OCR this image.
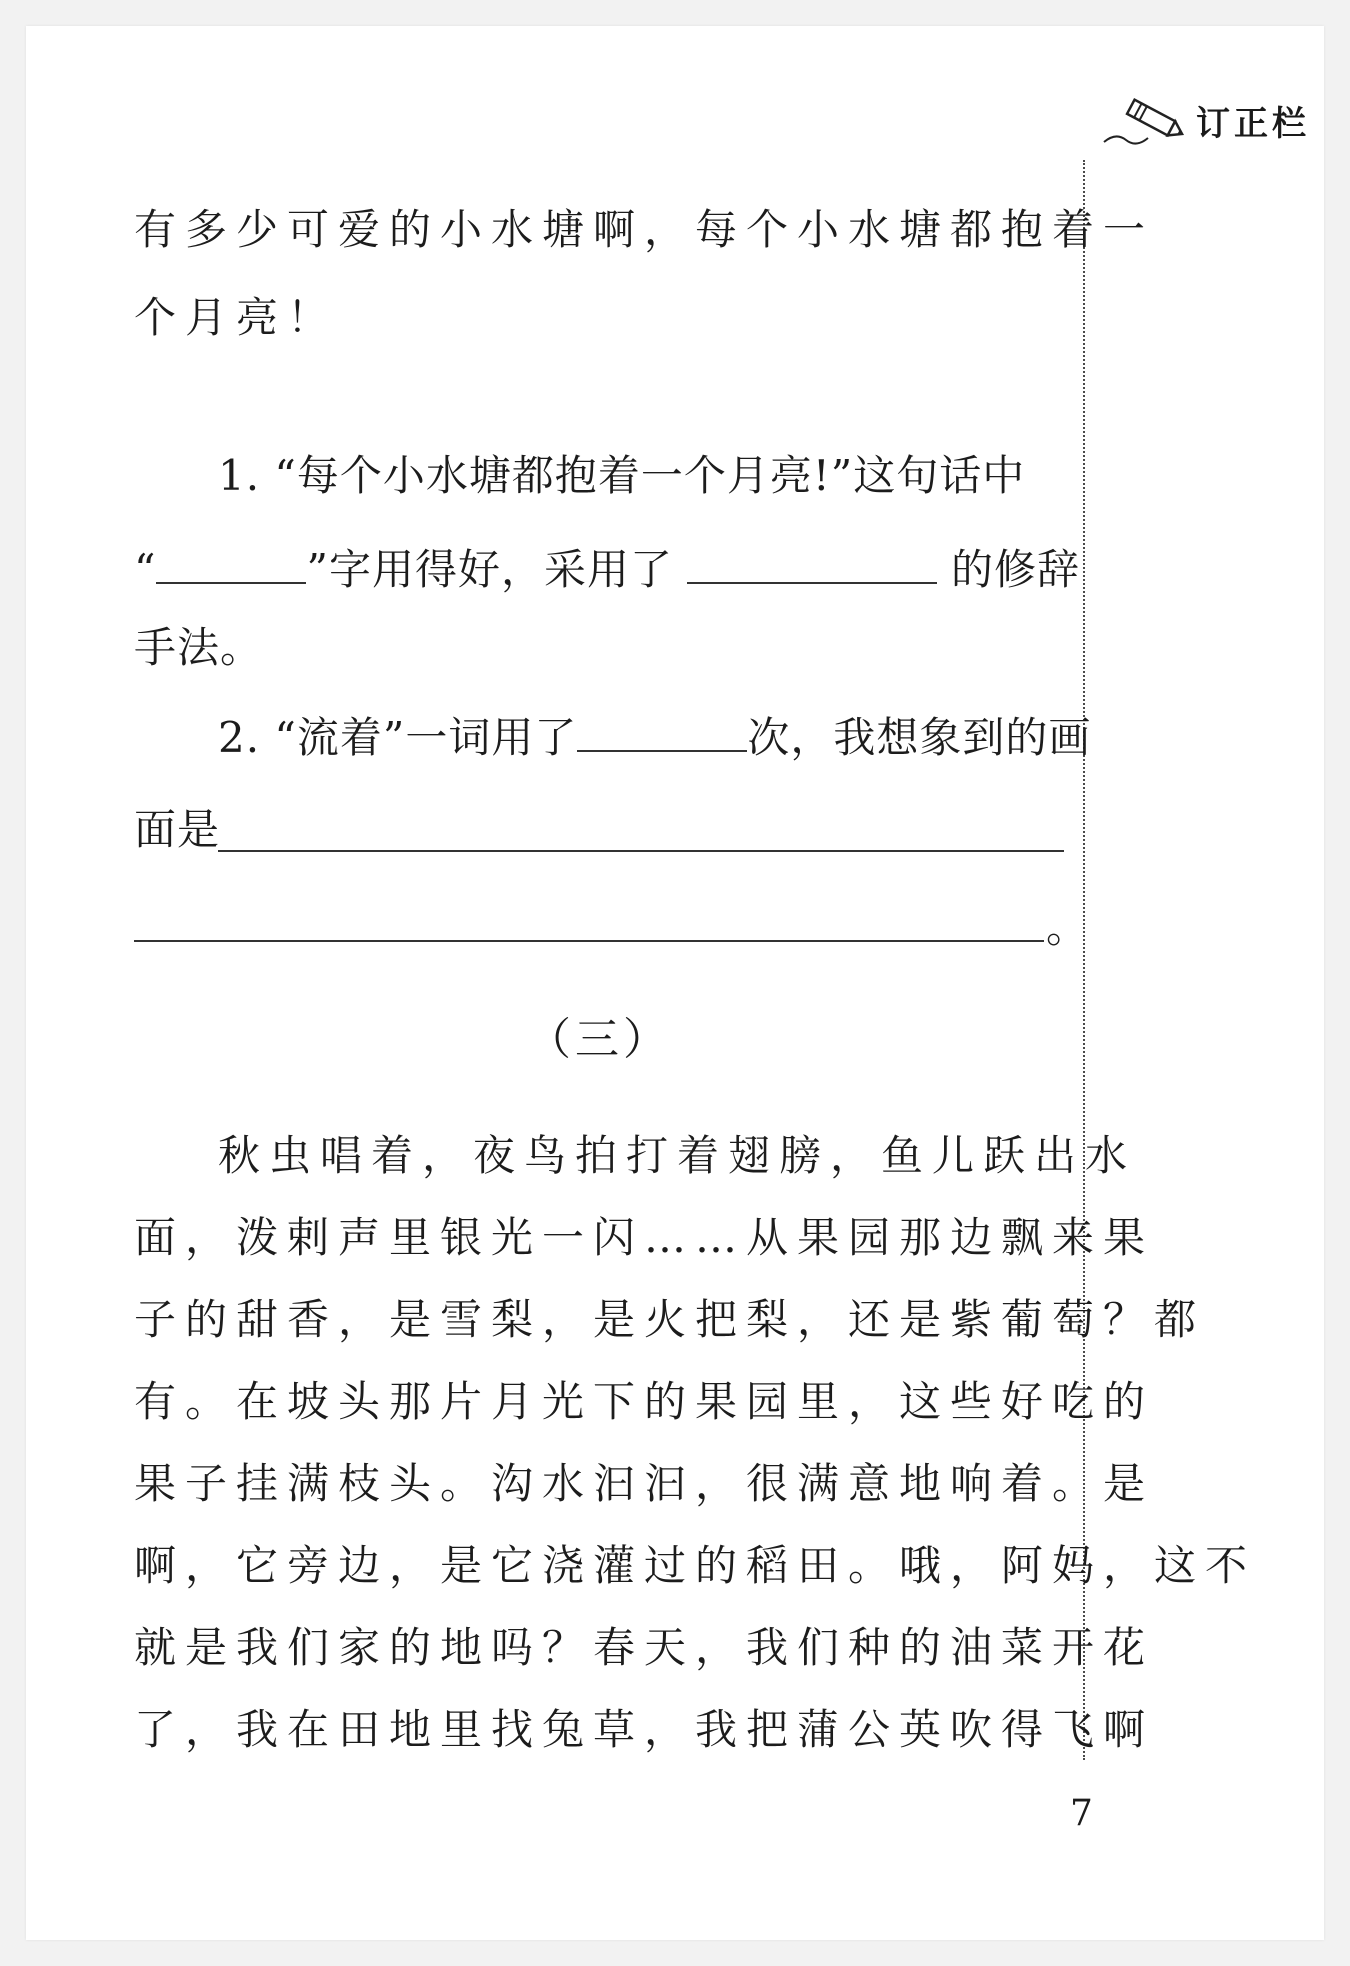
订正栏
有多少可爱的小水塘啊，每个小水塘都抱着一
个月亮！
1. “每个小水塘都抱着一个月亮!”这句话中
“	”字用得好，采用了	的修辞
手法。
2. “流着”一词用了	次，我想象到的画
面是
。
（三）
秋虫唱着，夜鸟拍打着翅膀，鱼儿跃出水
面，泼剌声里银光一闪……从果园那边飘来果
子的甜香，是雪梨，是火把梨，还是紫葡萄？都
有。在坡头那片月光下的果园里，这些好吃的
果子挂满枝头。沟水汩汩，很满意地响着。是
啊，它旁边，是它浇灌过的稻田。哦，阿妈，这不
就是我们家的地吗？春天，我们种的油菜开花
了，我在田地里找兔草，我把蒲公英吹得飞啊
7
